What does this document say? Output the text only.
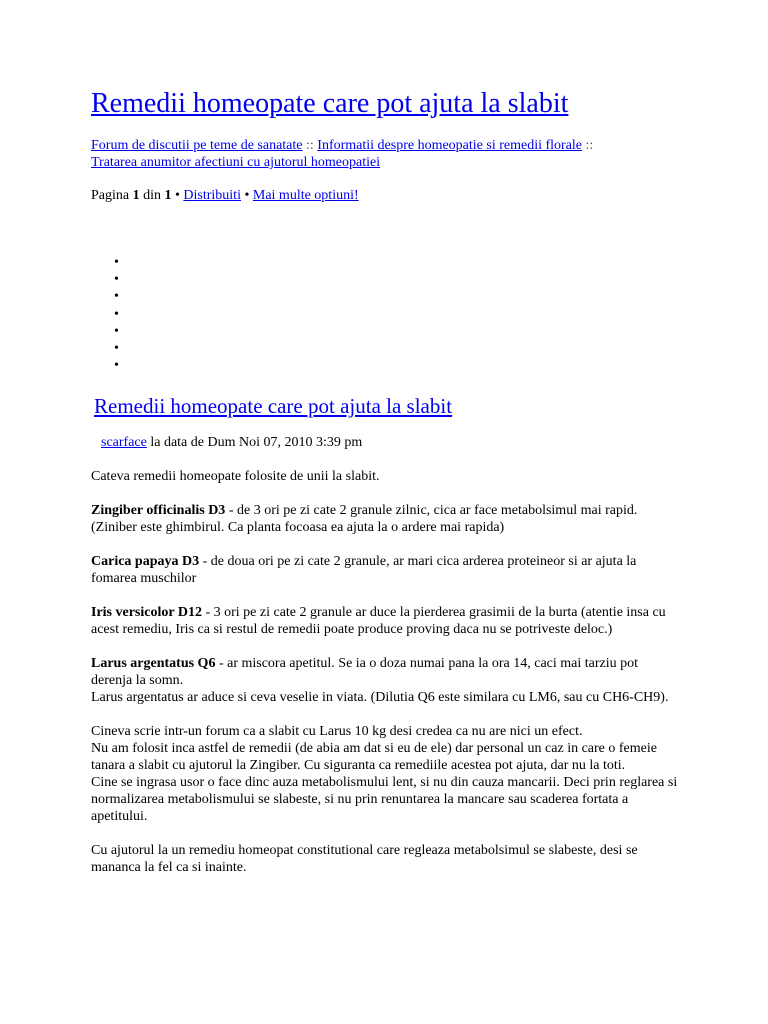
Remedii homeopate care pot ajuta la slabit
Forum de discutii pe teme de sanatate :: Informatii despre homeopatie si remedii florale :: Tratarea anumitor afectiuni cu ajutorul homeopatiei
Pagina 1 din 1 • Distribuiti • Mai multe optiuni!
•
•
•
•
•
•
•
Remedii homeopate care pot ajuta la slabit
scarface la data de Dum Noi 07, 2010 3:39 pm

Cateva remedii homeopate folosite de unii la slabit.

Zingiber officinalis D3 - de 3 ori pe zi cate 2 granule zilnic, cica ar face metabolsimul mai rapid. (Ziniber este ghimbirul. Ca planta focoasa ea ajuta la o ardere mai rapida)

Carica papaya D3 - de doua ori pe zi cate 2 granule, ar mari cica arderea proteineor si ar ajuta la fomarea muschilor

Iris versicolor D12 - 3 ori pe zi cate 2 granule ar duce la pierderea grasimii de la burta (atentie insa cu acest remediu, Iris ca si restul de remedii poate produce proving daca nu se potriveste deloc.)

Larus argentatus Q6 - ar miscora apetitul. Se ia o doza numai pana la ora 14, caci mai tarziu pot derenja la somn.
Larus argentatus ar aduce si ceva veselie in viata. (Dilutia Q6 este similara cu LM6, sau cu CH6-CH9).

Cineva scrie intr-un forum ca a slabit cu Larus 10 kg desi credea ca nu are nici un efect.
Nu am folosit inca astfel de remedii (de abia am dat si eu de ele) dar personal un caz in care o femeie tanara a slabit cu ajutorul la Zingiber. Cu siguranta ca remediile acestea pot ajuta, dar nu la toti.
Cine se ingrasa usor o face dinc auza metabolismului lent, si nu din cauza mancarii. Deci prin reglarea si normalizarea metabolismului se slabeste, si nu prin renuntarea la mancare sau scaderea fortata a apetitului.

Cu ajutorul la un remediu homeopat constitutional care regleaza metabolsimul se slabeste, desi se mananca la fel ca si inainte.
